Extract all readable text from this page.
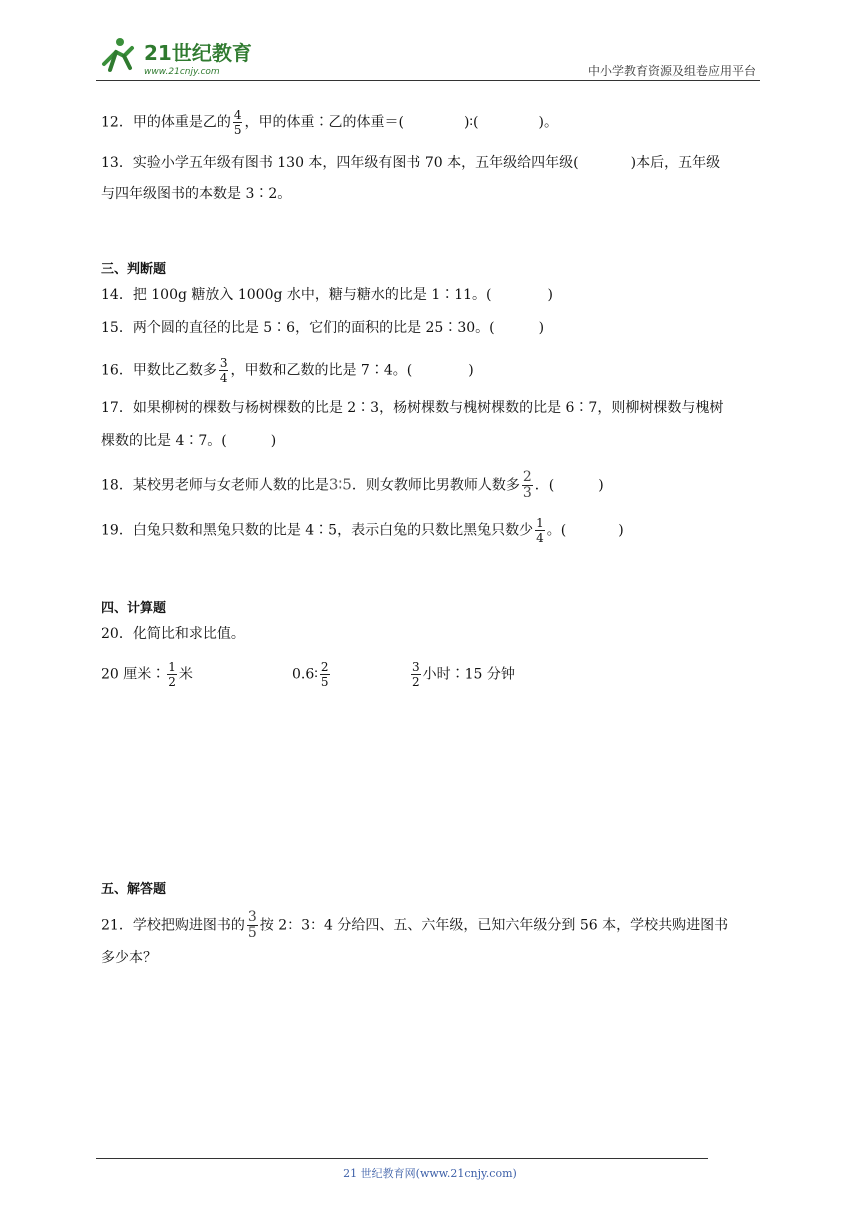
21世纪教育
www.21cnjy.com	中小学教育资源及组卷应用平台
12．甲的体重是乙的 $\frac{4}{5}$ ，甲的体重∶乙的体重＝(	)∶(	)。
13．实验小学五年级有图书 130 本，四年级有图书 70 本，五年级给四年级(	)本后，五年级
与四年级图书的本数是 3∶2。
三、判断题
14．把 100g 糖放入 1000g 水中，糖与糖水的比是 1∶11。(	)
15．两个圆的直径的比是 5∶6，它们的面积的比是 25∶30。(	)
16．甲数比乙数多 $\frac{3}{4}$ ，甲数和乙数的比是 7∶4。(	)
17．如果柳树的棵数与杨树棵数的比是 2∶3，杨树棵数与槐树棵数的比是 6∶7，则柳树棵数与槐树
棵数的比是 4∶7。(	)
18．某校男老师与女老师人数的比是3∶5．则女教师比男教师人数多 $\frac{2}{3}$ ．(	)
19．白兔只数和黑兔只数的比是 4∶5，表示白兔的只数比黑兔只数少 $\frac{1}{4}$ 。(	)
四、计算题
20．化简比和求比值。
20 厘米∶ $\frac{1}{2}$ 米	0.6∶ $\frac{2}{5}$	$\frac{3}{2}$ 小时∶15 分钟
五、解答题
21．学校把购进图书的 $\frac{3}{5}$ 按 2：3：4 分给四、五、六年级，已知六年级分到 56 本，学校共购进图书
多少本？
21 世纪教育网(www.21cnjy.com)
